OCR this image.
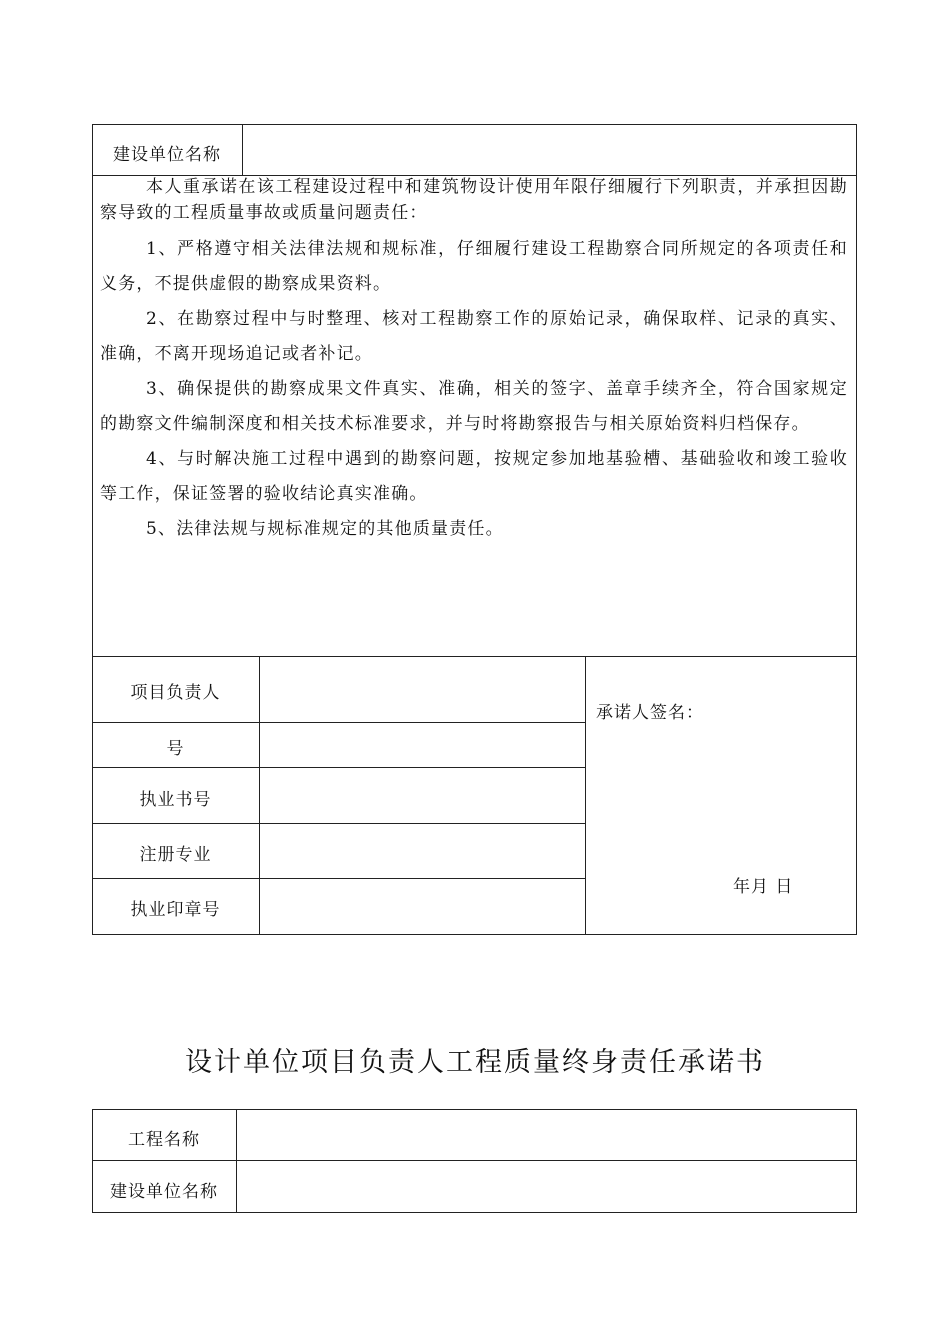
建设单位名称

本人重承诺在该工程建设过程中和建筑物设计使用年限仔细履行下列职责，并承担因勘察导致的工程质量事故或质量问题责任：

1、严格遵守相关法律法规和规标准，仔细履行建设工程勘察合同所规定的各项责任和义务，不提供虚假的勘察成果资料。

2、在勘察过程中与时整理、核对工程勘察工作的原始记录，确保取样、记录的真实、准确，不离开现场追记或者补记。

3、确保提供的勘察成果文件真实、准确，相关的签字、盖章手续齐全，符合国家规定的勘察文件编制深度和相关技术标准要求，并与时将勘察报告与相关原始资料归档保存。

4、与时解决施工过程中遇到的勘察问题，按规定参加地基验槽、基础验收和竣工验收等工作，保证签署的验收结论真实准确。

5、法律法规与规标准规定的其他质量责任。

项目负责人
号
执业书号
注册专业
执业印章号
承诺人签名：
年月 日
设计单位项目负责人工程质量终身责任承诺书
工程名称
建设单位名称
